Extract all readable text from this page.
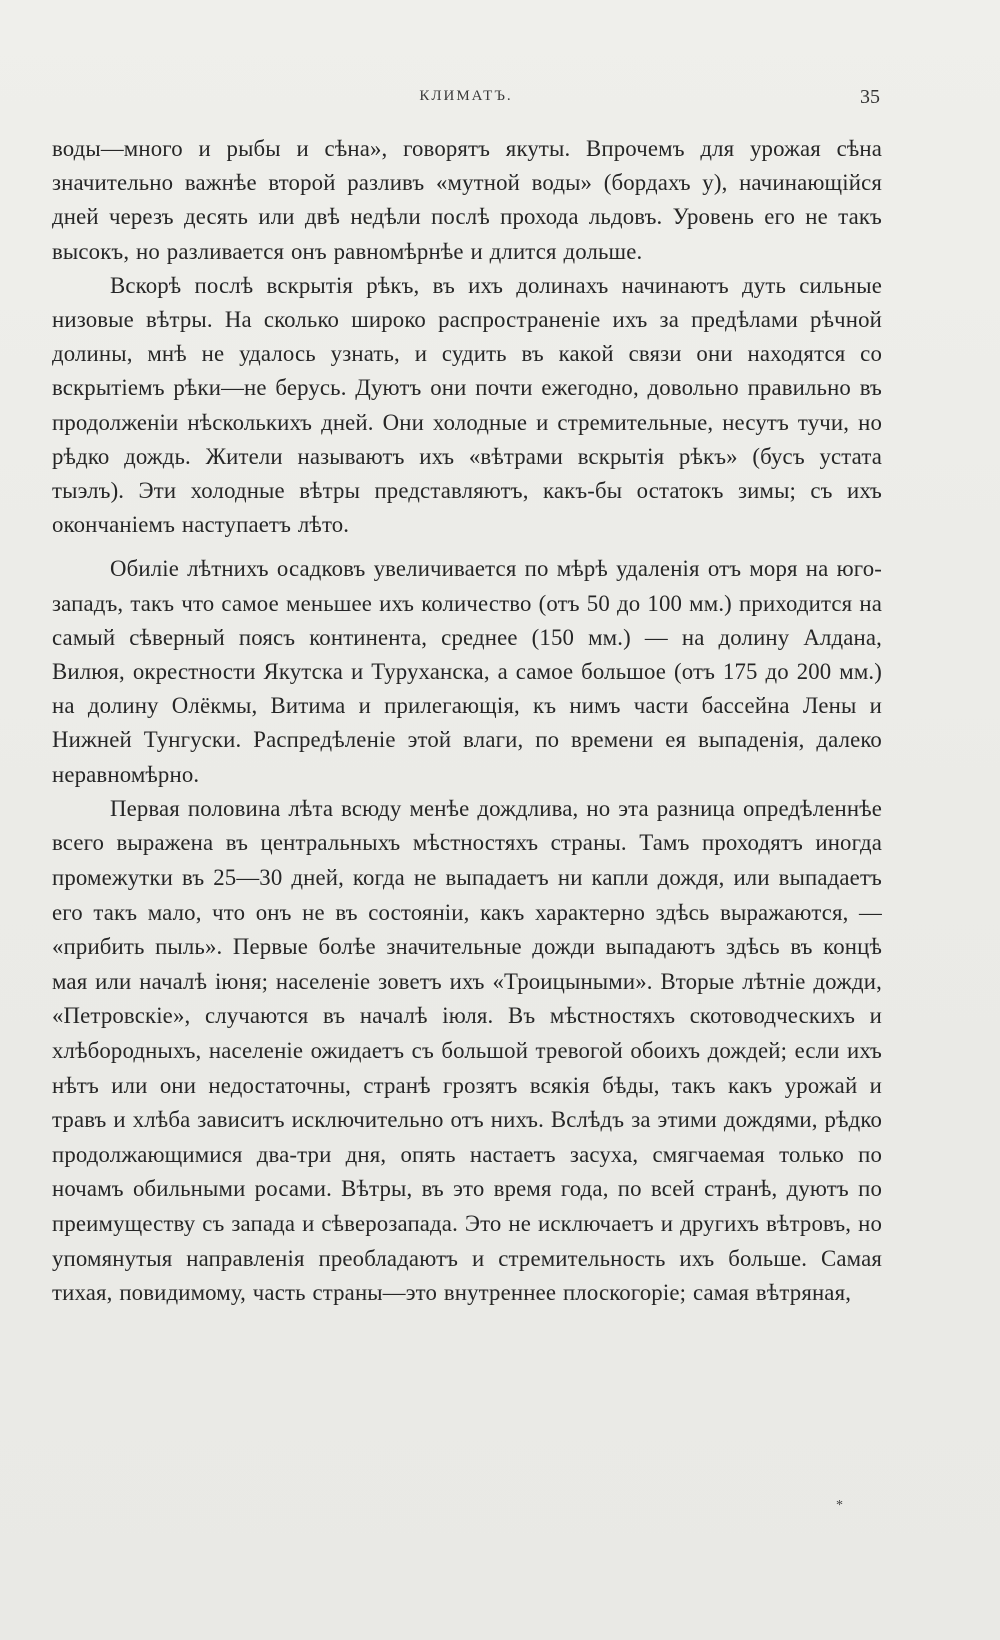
КЛИМАТЪ.	35

воды—много и рыбы и сѣна», говорятъ якуты. Впрочемъ для урожая сѣна значительно важнѣе второй разливъ «мутной воды» (бордахъ у), начинающійся дней черезъ десять или двѣ недѣли послѣ прохода льдовъ. Уровень его не такъ высокъ, но разливается онъ равномѣрнѣе и длится дольше.

Вскорѣ послѣ вскрытія рѣкъ, въ ихъ долинахъ начинаютъ дуть сильные низовые вѣтры. На сколько широко распространеніе ихъ за предѣлами рѣчной долины, мнѣ не удалось узнать, и судить въ какой связи они находятся со вскрытіемъ рѣки—не берусь. Дуютъ они почти ежегодно, довольно правильно въ продолженіи нѣсколькихъ дней. Они холодные и стремительные, несутъ тучи, но рѣдко дождь. Жители называютъ ихъ «вѣтрами вскрытія рѣкъ» (бусъ устата тыэлъ). Эти холодные вѣтры представляютъ, какъ-бы остатокъ зимы; съ ихъ окончаніемъ наступаетъ лѣто.

Обиліе лѣтнихъ осадковъ увеличивается по мѣрѣ удаленія отъ моря на юго-западъ, такъ что самое меньшее ихъ количество (отъ 50 до 100 мм.) приходится на самый сѣверный поясъ континента, среднее (150 мм.) — на долину Алдана, Вилюя, окрестности Якутска и Туруханска, а самое большое (отъ 175 до 200 мм.) на долину Олёкмы, Витима и прилегающія, къ нимъ части бассейна Лены и Нижней Тунгуски. Распредѣленіе этой влаги, по времени ея выпаденія, далеко неравномѣрно.

Первая половина лѣта всюду менѣе дождлива, но эта разница опредѣленнѣе всего выражена въ центральныхъ мѣстностяхъ страны. Тамъ проходятъ иногда промежутки въ 25—30 дней, когда не выпадаетъ ни капли дождя, или выпадаетъ его такъ мало, что онъ не въ состояніи, какъ характерно здѣсь выражаются, — «прибить пыль». Первые болѣе значительные дожди выпадаютъ здѣсь въ концѣ мая или началѣ іюня; населеніе зоветъ ихъ «Троицыными». Вторые лѣтніе дожди, «Петровскіе», случаются въ началѣ іюля. Въ мѣстностяхъ скотоводческихъ и хлѣбородныхъ, населеніе ожидаетъ съ большой тревогой обоихъ дождей; если ихъ нѣтъ или они недостаточны, странѣ грозятъ всякія бѣды, такъ какъ урожай и травъ и хлѣба зависитъ исключительно отъ нихъ. Вслѣдъ за этими дождями, рѣдко продолжающимися два-три дня, опять настаетъ засуха, смягчаемая только по ночамъ обильными росами. Вѣтры, въ это время года, по всей странѣ, дуютъ по преимуществу съ запада и сѣверозапада. Это не исключаетъ и другихъ вѣтровъ, но упомянутыя направленія преобладаютъ и стремительность ихъ больше. Самая тихая, повидимому, часть страны—это внутреннее плоскогоріе; самая вѣтряная,

*
